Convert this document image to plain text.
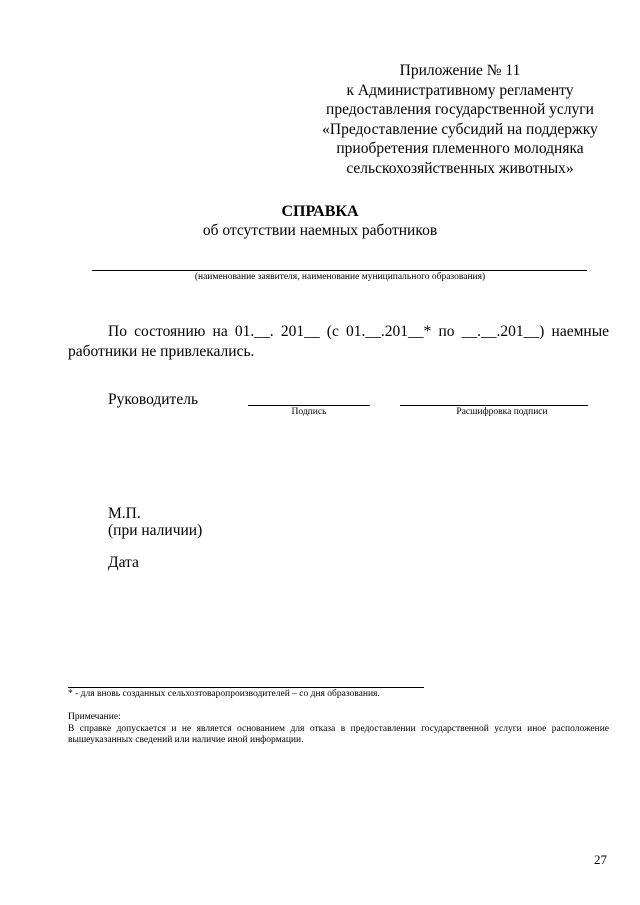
Приложение № 11
к Административному регламенту
предоставления государственной услуги
«Предоставление субсидий на поддержку
приобретения племенного молодняка
сельскохозяйственных животных»
СПРАВКА
об отсутствии наемных работников
(наименование заявителя, наименование муниципального образования)
По состоянию на 01.__. 201__ (с 01.__.201__* по __.__.201__) наемные работники не привлекались.
Руководитель
Подпись	Расшифровка подписи
М.П.
(при наличии)
Дата
* - для вновь созданных сельхозтоваропроизводителей – со дня образования.
Примечание:
В справке допускается и не является основанием для отказа в предоставлении государственной услуги иное расположение вышеуказанных сведений или наличие иной информации.
27
